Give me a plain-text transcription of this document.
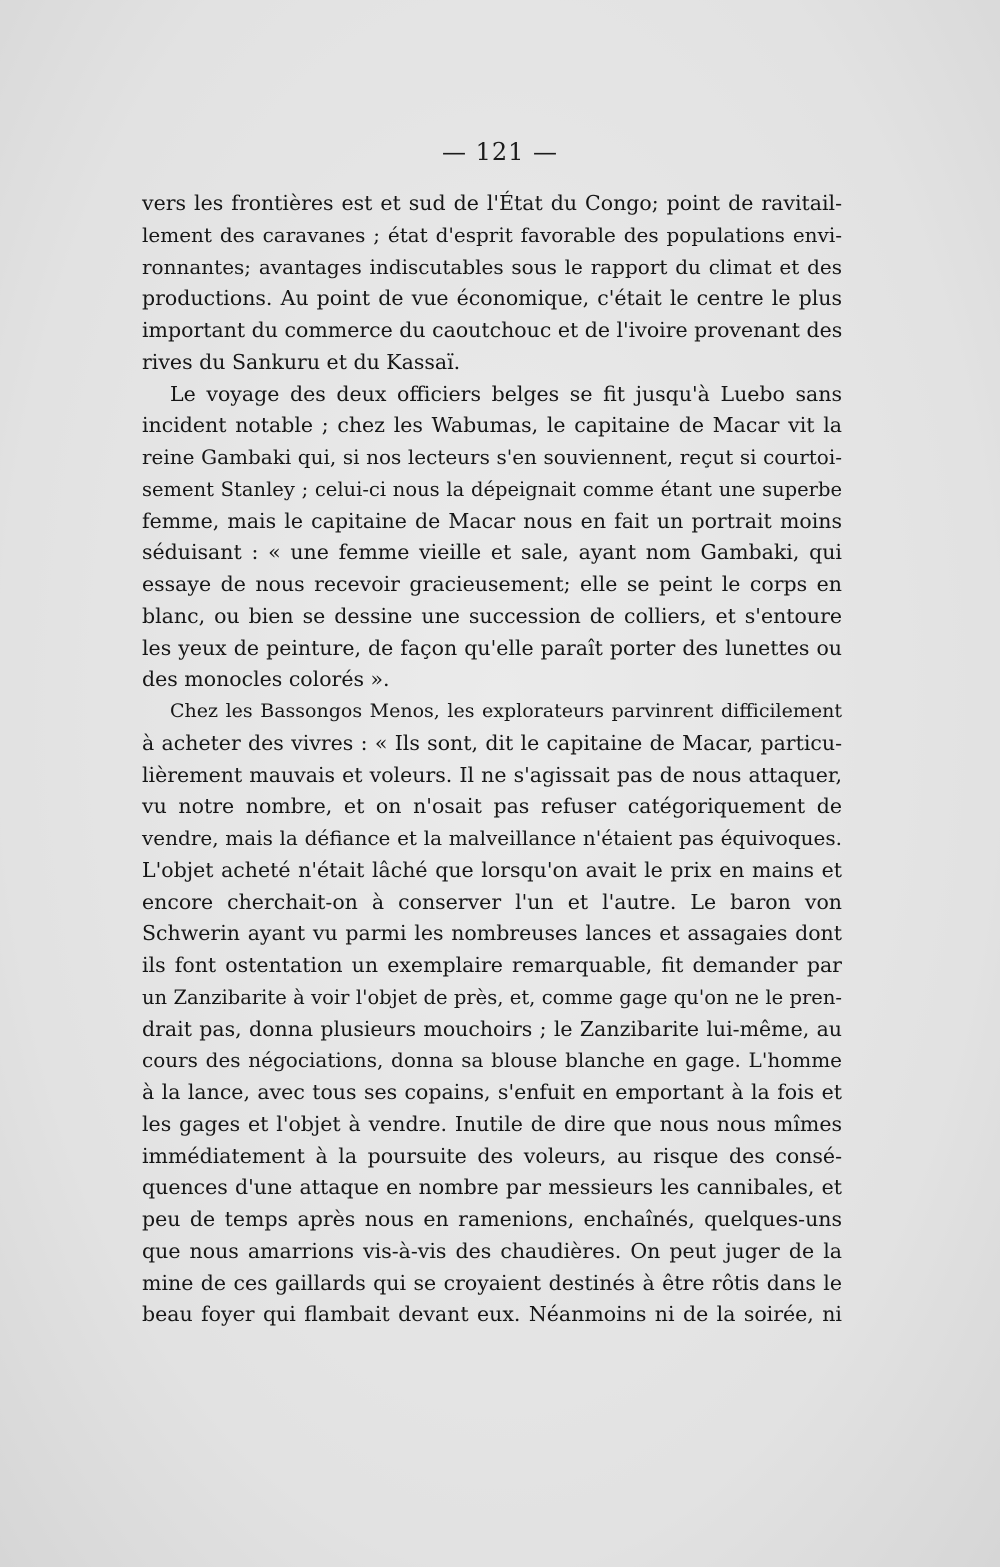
— 121 —
vers les frontières est et sud de l'État du Congo; point de ravitail-
lement des caravanes ; état d'esprit favorable des populations envi-
ronnantes; avantages indiscutables sous le rapport du climat et des
productions. Au point de vue économique, c'était le centre le plus
important du commerce du caoutchouc et de l'ivoire provenant des
rives du Sankuru et du Kassaï.
Le voyage des deux officiers belges se fit jusqu'à Luebo sans
incident notable ; chez les Wabumas, le capitaine de Macar vit la
reine Gambaki qui, si nos lecteurs s'en souviennent, reçut si courtoi-
sement Stanley ; celui-ci nous la dépeignait comme étant une superbe
femme, mais le capitaine de Macar nous en fait un portrait moins
séduisant : « une femme vieille et sale, ayant nom Gambaki, qui
essaye de nous recevoir gracieusement; elle se peint le corps en
blanc, ou bien se dessine une succession de colliers, et s'entoure
les yeux de peinture, de façon qu'elle paraît porter des lunettes ou
des monocles colorés ».
Chez les Bassongos Menos, les explorateurs parvinrent difficilement
à acheter des vivres : « Ils sont, dit le capitaine de Macar, particu-
lièrement mauvais et voleurs. Il ne s'agissait pas de nous attaquer,
vu notre nombre, et on n'osait pas refuser catégoriquement de
vendre, mais la défiance et la malveillance n'étaient pas équivoques.
L'objet acheté n'était lâché que lorsqu'on avait le prix en mains et
encore cherchait-on à conserver l'un et l'autre. Le baron von
Schwerin ayant vu parmi les nombreuses lances et assagaies dont
ils font ostentation un exemplaire remarquable, fit demander par
un Zanzibarite à voir l'objet de près, et, comme gage qu'on ne le pren-
drait pas, donna plusieurs mouchoirs ; le Zanzibarite lui-même, au
cours des négociations, donna sa blouse blanche en gage. L'homme
à la lance, avec tous ses copains, s'enfuit en emportant à la fois et
les gages et l'objet à vendre. Inutile de dire que nous nous mîmes
immédiatement à la poursuite des voleurs, au risque des consé-
quences d'une attaque en nombre par messieurs les cannibales, et
peu de temps après nous en ramenions, enchaînés, quelques-uns
que nous amarrions vis-à-vis des chaudières. On peut juger de la
mine de ces gaillards qui se croyaient destinés à être rôtis dans le
beau foyer qui flambait devant eux. Néanmoins ni de la soirée, ni
